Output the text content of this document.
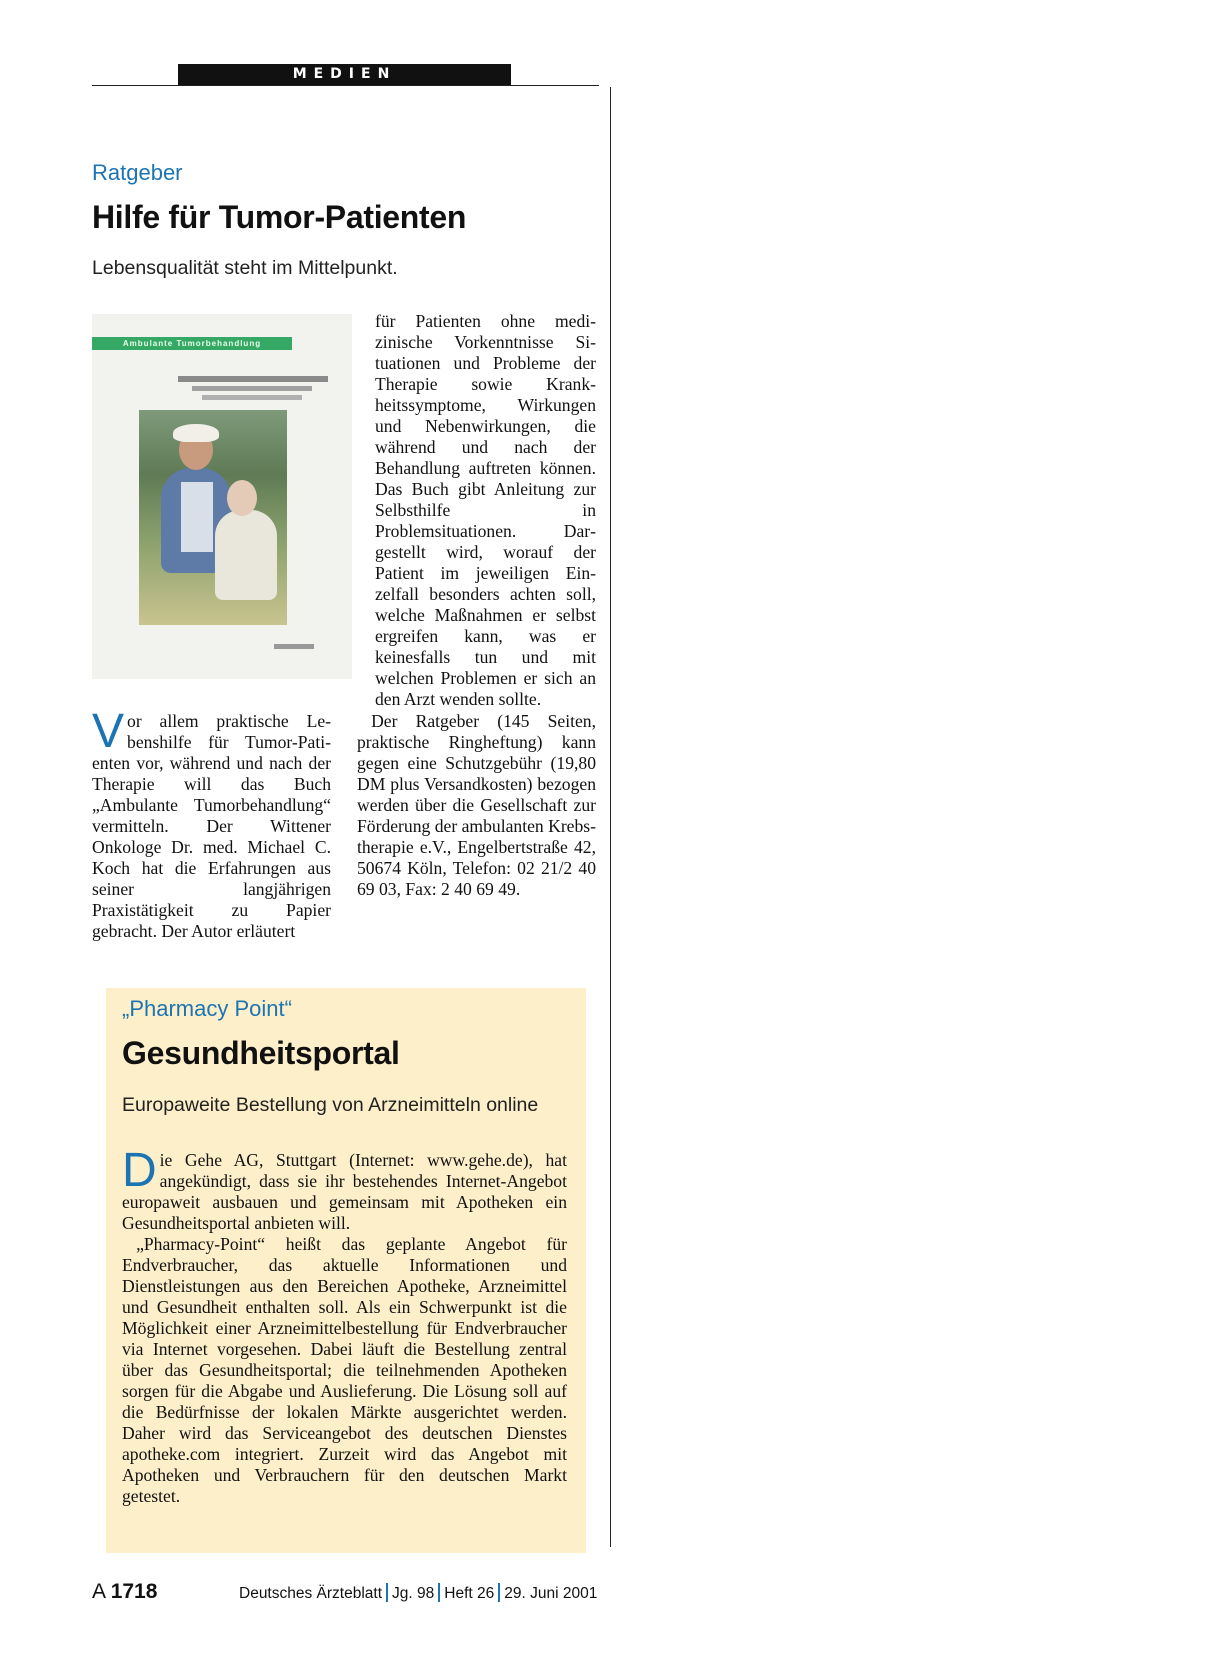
MEDIEN
Ratgeber
Hilfe für Tumor-Patienten
Lebensqualität steht im Mittelpunkt.
Ambulante Tumorbehandlung

Vor allem praktische Lebenshilfe für Tumor-Patienten vor, während und nach der Therapie will das Buch „Ambulante Tumorbehandlung“ vermitteln. Der Wittener Onkologe Dr. med. Michael C. Koch hat die Erfahrungen aus seiner langjährigen Praxistätigkeit zu Papier gebracht. Der Autor erläutert

für Patienten ohne medizinische Vorkenntnisse Situationen und Probleme der Therapie sowie Krankheitssymptome, Wirkungen und Nebenwirkungen, die während und nach der Behandlung auftreten können. Das Buch gibt Anleitung zur Selbsthilfe in Problemsituationen. Dargestellt wird, worauf der Patient im jeweiligen Einzelfall besonders achten soll, welche Maßnahmen er selbst ergreifen kann, was er keinesfalls tun und mit welchen Problemen er sich an den Arzt wenden sollte.

Der Ratgeber (145 Seiten, praktische Ringheftung) kann gegen eine Schutzgebühr (19,80 DM plus Versandkosten) bezogen werden über die Gesellschaft zur Förderung der ambulanten Krebstherapie e.V., Engelbertstraße 42, 50674 Köln, Telefon: 02 21/2 40 69 03, Fax: 2 40 69 49.

„Pharmacy Point“
Gesundheitsportal
Europaweite Bestellung von Arzneimitteln online

Die Gehe AG, Stuttgart (Internet: www.gehe.de), hat angekündigt, dass sie ihr bestehendes Internet-Angebot europaweit ausbauen und gemeinsam mit Apotheken ein Gesundheitsportal anbieten will.

„Pharmacy-Point“ heißt das geplante Angebot für Endverbraucher, das aktuelle Informationen und Dienstleistungen aus den Bereichen Apotheke, Arzneimittel und Gesundheit enthalten soll. Als ein Schwerpunkt ist die Möglichkeit einer Arzneimittelbestellung für Endverbraucher via Internet vorgesehen. Dabei läuft die Bestellung zentral über das Gesundheitsportal; die teilnehmenden Apotheken sorgen für die Abgabe und Auslieferung. Die Lösung soll auf die Bedürfnisse der lokalen Märkte ausgerichtet werden. Daher wird das Serviceangebot des deutschen Dienstes apotheke.com integriert. Zurzeit wird das Angebot mit Apotheken und Verbrauchern für den deutschen Markt getestet.

A 1718	Deutsches Ärzteblatt Jg. 98 Heft 26 29. Juni 2001
